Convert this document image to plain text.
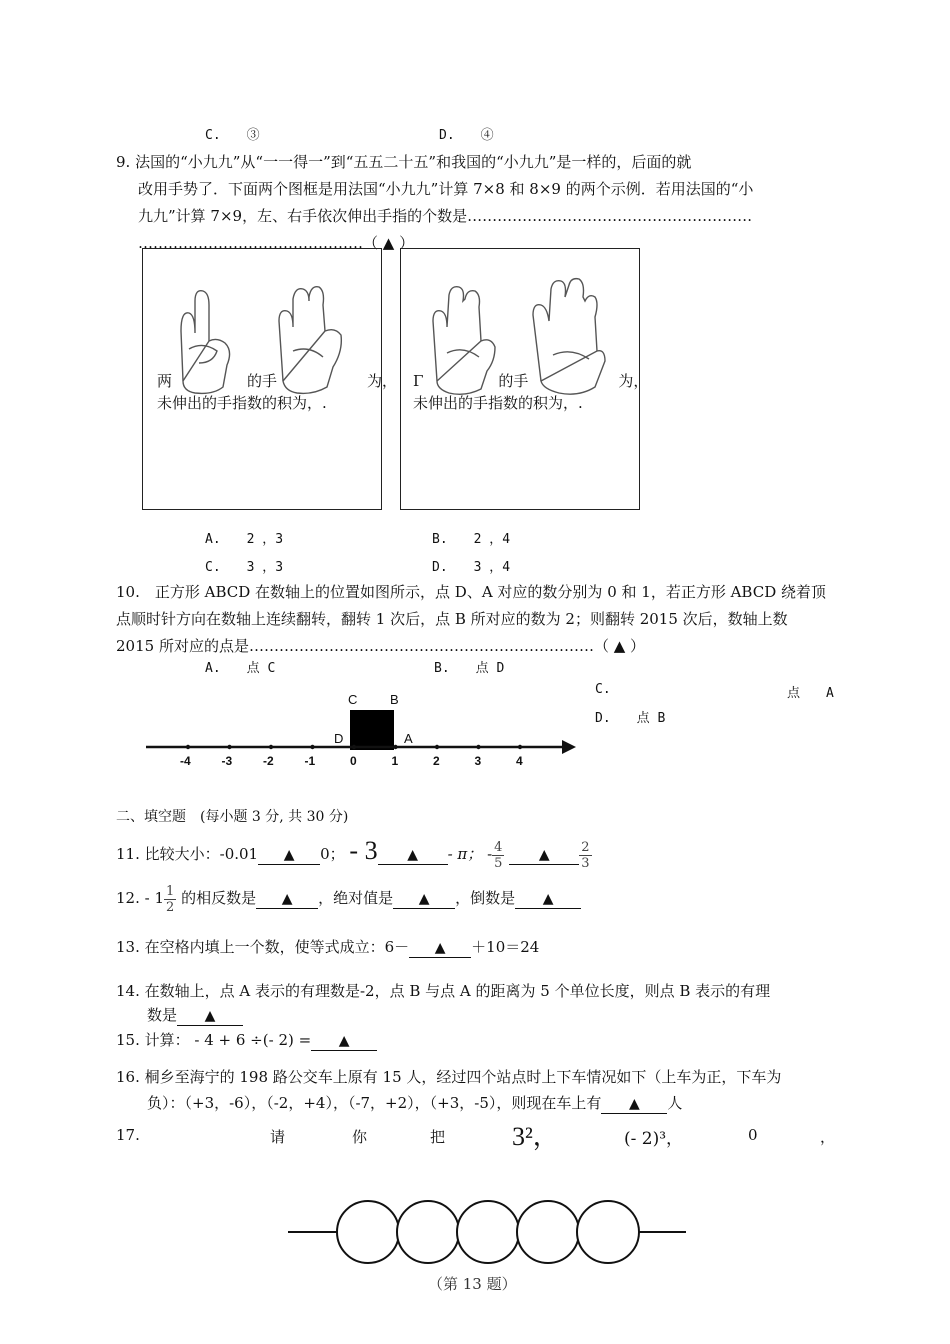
C.　　③	D.　　④
9. 法国的“小九九”从“一一得一”到“五五二十五”和我国的“小九九”是一样的，后面的就
改用手势了．下面两个图框是用法国“小九九”计算 7×8 和 8×9 的两个示例．若用法国的“小
九九”计算 7×9，左、右手依次伸出手指的个数是…………………………………………………
………………………………………（ ▲ ）
两　　　　　的手　　　　　　为，
未伸出的手指数的积为，.
Γ　　　　　的手　　　　　　为，
未伸出的手指数的积为，.
A.　　2 ，3	B.　　2 ，4
C.　　3 ，3	D.　　3 ，4
10.　正方形 ABCD 在数轴上的位置如图所示，点 D、A 对应的数分别为 0 和 1，若正方形 ABCD 绕着顶
点顺时针方向在数轴上连续翻转，翻转 1 次后，点 B 所对应的数为 2；则翻转 2015 次后，数轴上数
2015 所对应的点是……………………………………………………………（ ▲ ）
A.　　点 C	B.　　点 D
C.	点　　A
D.　　点 B
C	B
D	A
-4	-3	-2	-1	0	1	2	3	4
二、填空题　(每小题 3 分, 共 30 分)
11. 比较大小：-0.01 ▲ 0； - 3 ▲ - π； - $\frac{4}{5}$ ▲ $\frac{2}{3}$
12. - $1 \frac{1}{2}$ 的相反数是 ▲ ，绝对值是 ▲ ，倒数是 ▲
13. 在空格内填上一个数，使等式成立：6－ ▲ ＋10＝24
14. 在数轴上，点 A 表示的有理数是-2，点 B 与点 A 的距离为 5 个单位长度，则点 B 表示的有理
数是 ▲
15. 计算： - 4 + 6 ÷(- 2) = ▲
16. 桐乡至海宁的 198 路公交车上原有 15 人，经过四个站点时上下车情况如下（上车为正，下车为
负）：（+3，-6），（-2，+4），（-7，+2），（+3，-5），则现在车上有 ▲ 人
17.	请	你	把	3²，	(- 2)³，	0	，
（第 13 题）
